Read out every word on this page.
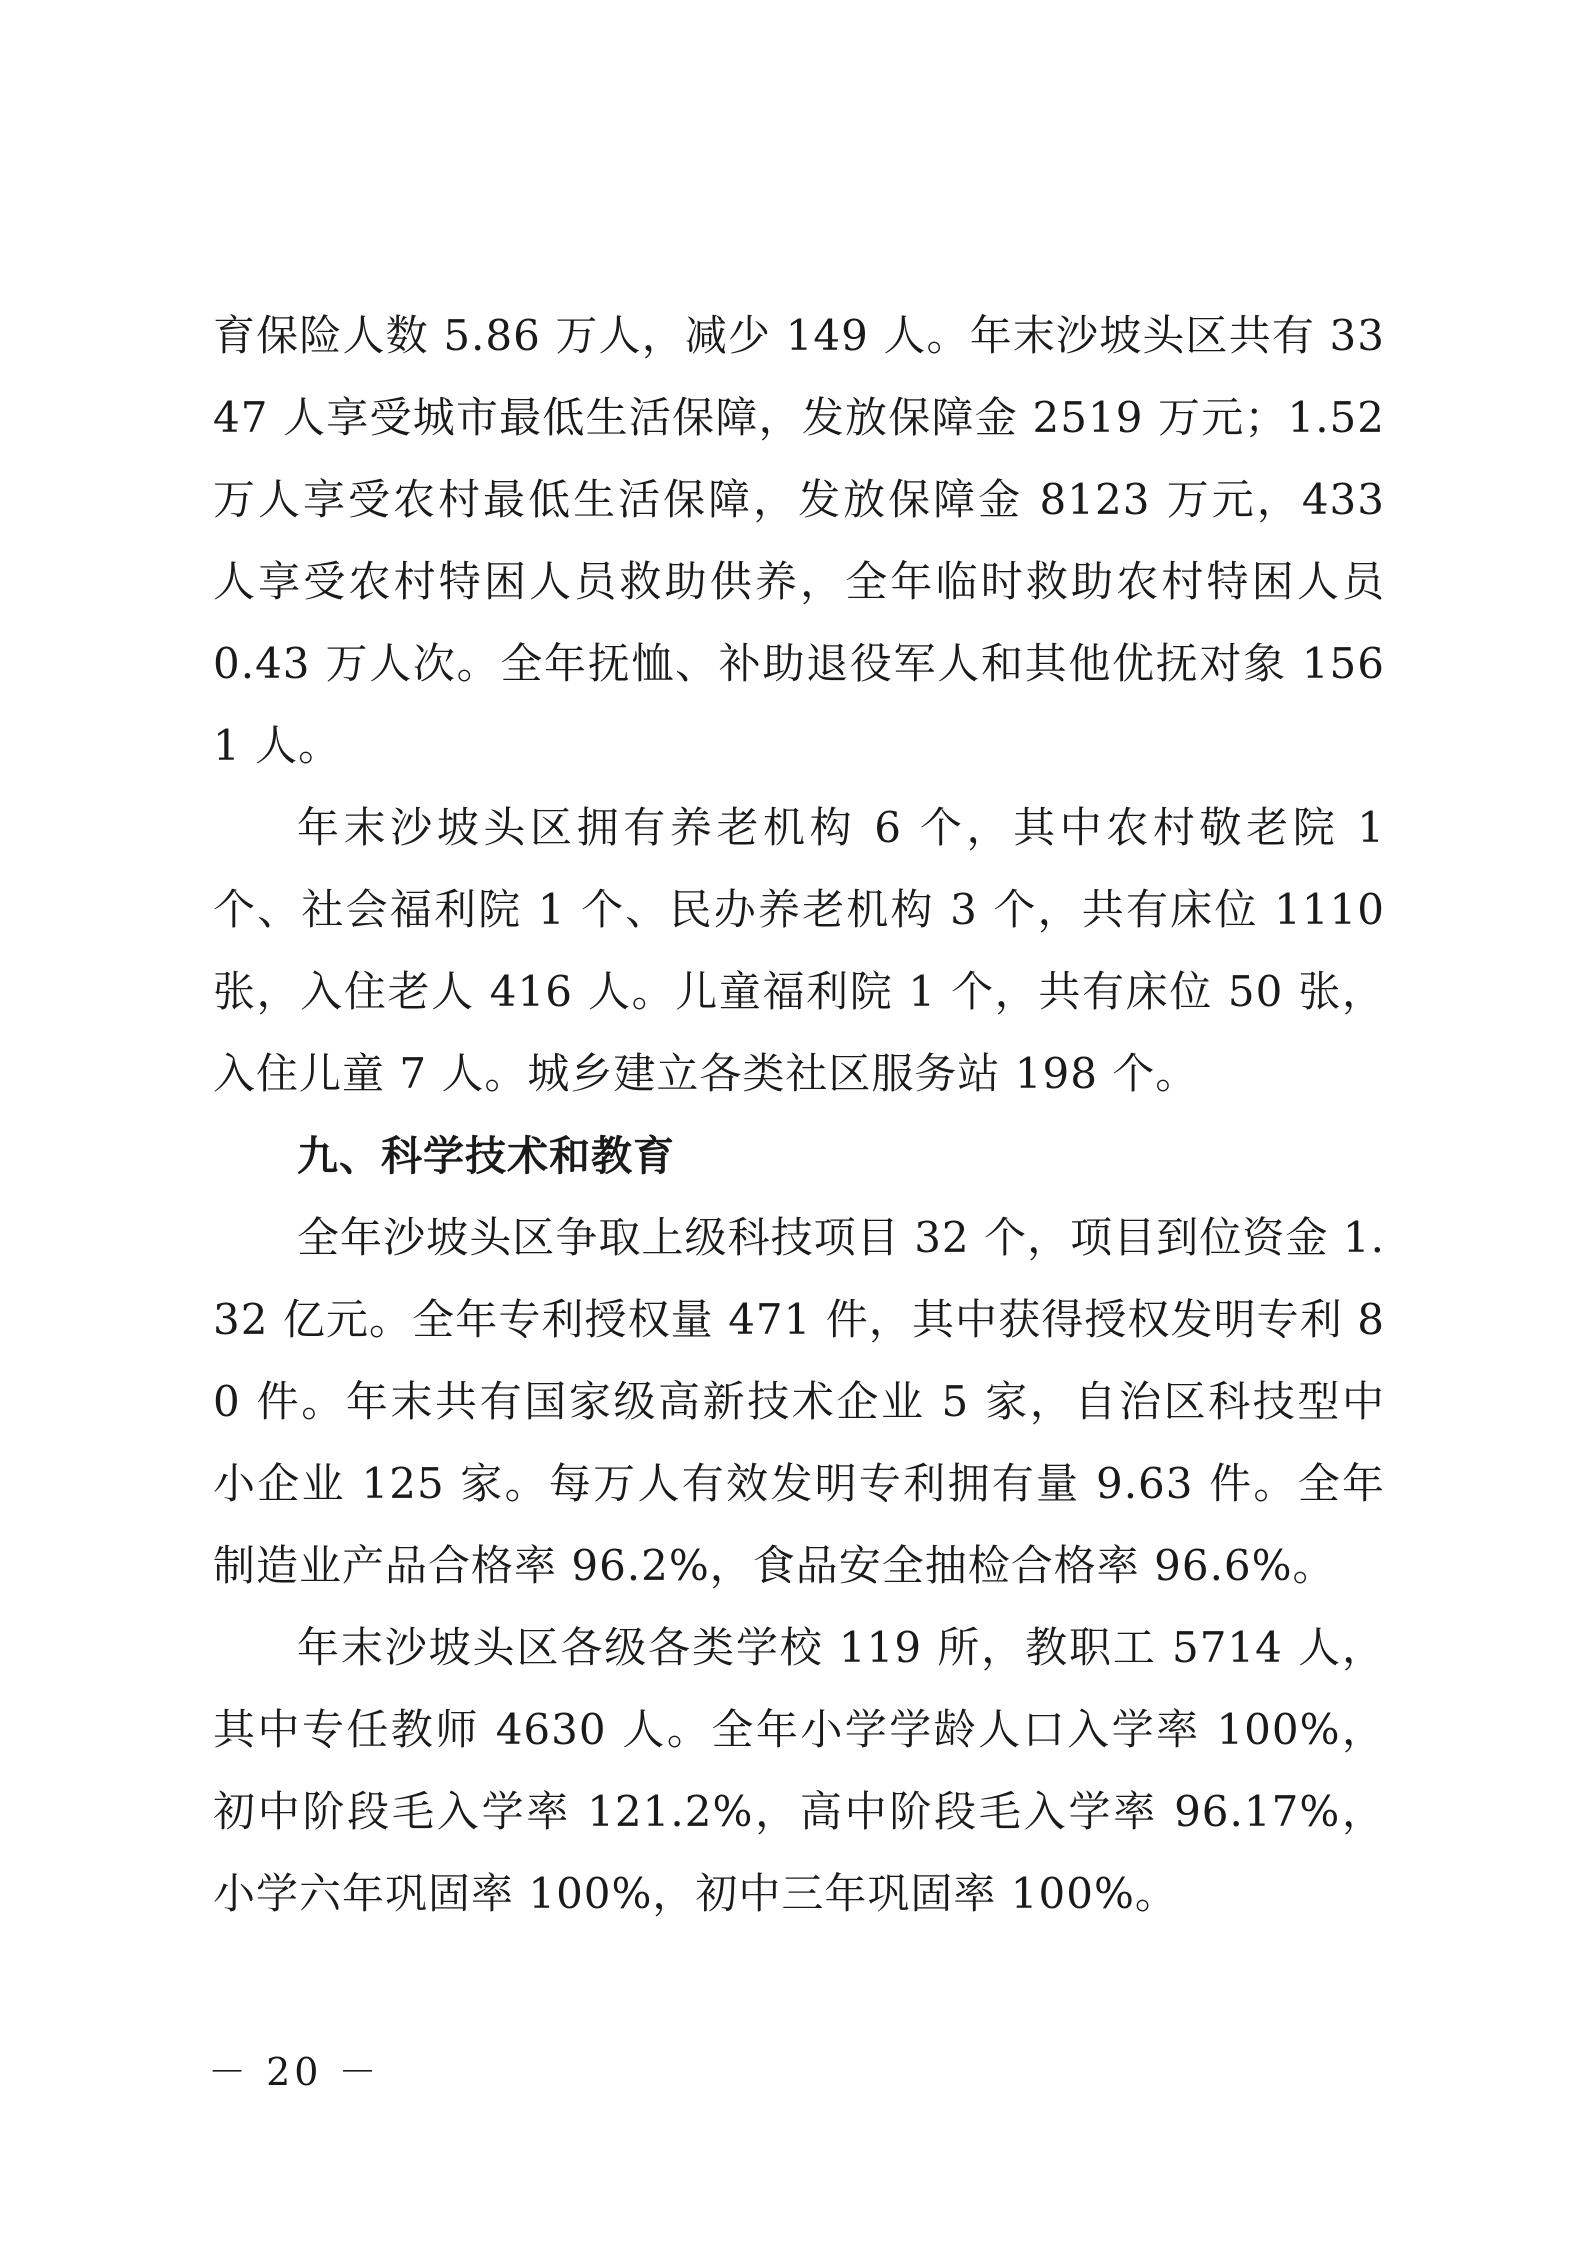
育保险人数 5.86 万人，减少 149 人。年末沙坡头区共有 3347 人享受城市最低生活保障，发放保障金 2519 万元；1.52 万人享受农村最低生活保障，发放保障金 8123 万元，433 人享受农村特困人员救助供养，全年临时救助农村特困人员 0.43 万人次。全年抚恤、补助退役军人和其他优抚对象 1561 人。

年末沙坡头区拥有养老机构 6 个，其中农村敬老院 1 个、社会福利院 1 个、民办养老机构 3 个，共有床位 1110 张，入住老人 416 人。儿童福利院 1 个，共有床位 50 张，入住儿童 7 人。城乡建立各类社区服务站 198 个。

九、科学技术和教育

全年沙坡头区争取上级科技项目 32 个，项目到位资金 1.32 亿元。全年专利授权量 471 件，其中获得授权发明专利 80 件。年末共有国家级高新技术企业 5 家，自治区科技型中小企业 125 家。每万人有效发明专利拥有量 9.63 件。全年制造业产品合格率 96.2%，食品安全抽检合格率 96.6%。

年末沙坡头区各级各类学校 119 所，教职工 5714 人，其中专任教师 4630 人。全年小学学龄人口入学率 100%，初中阶段毛入学率 121.2%，高中阶段毛入学率 96.17%，小学六年巩固率 100%，初中三年巩固率 100%。

－ 20 －
